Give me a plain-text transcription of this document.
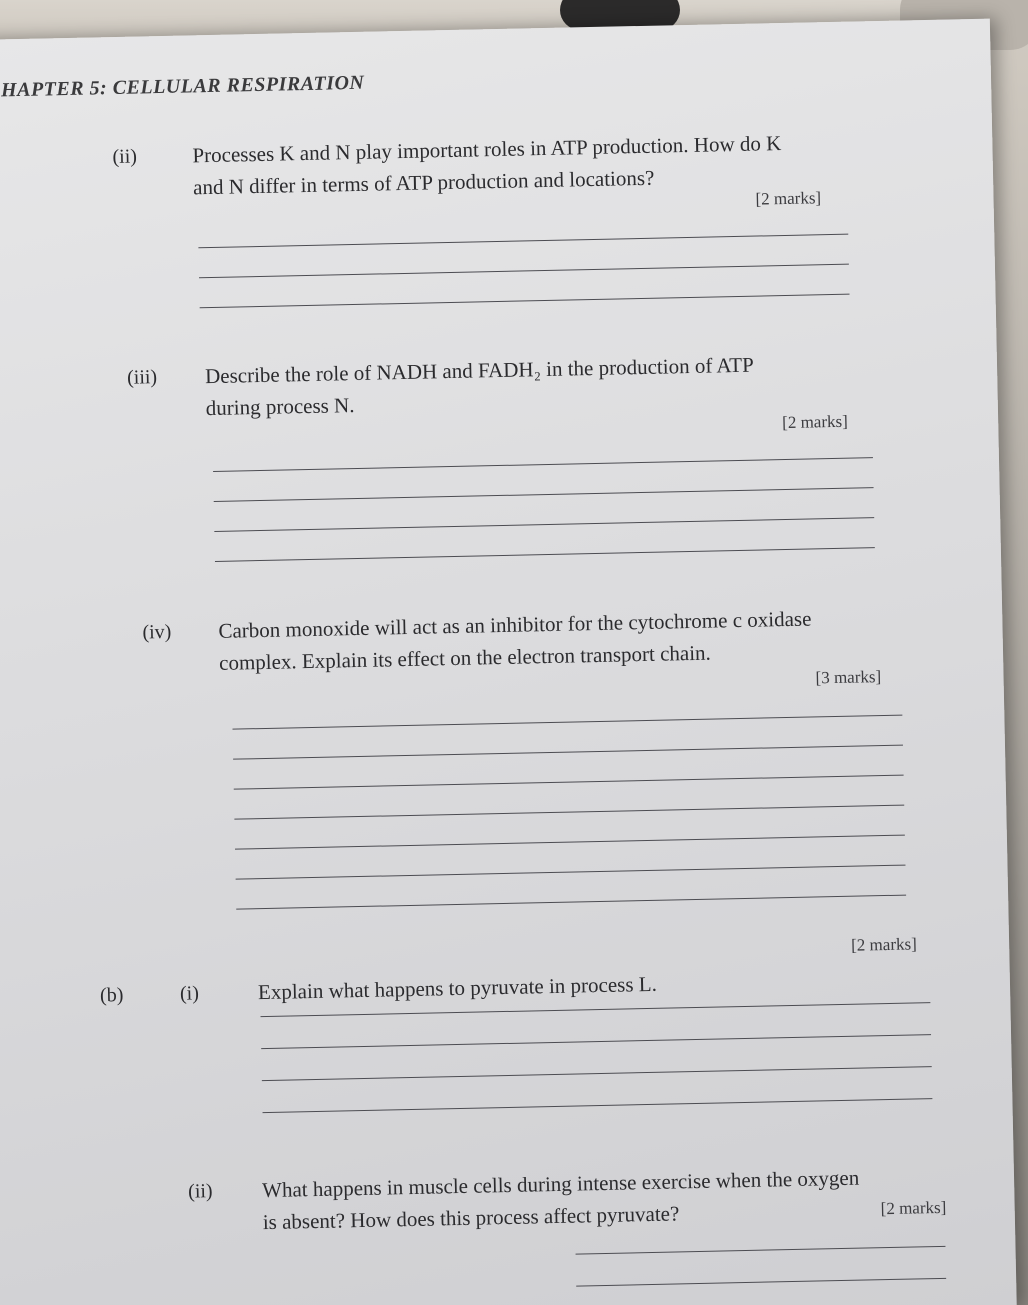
HAPTER 5: CELLULAR RESPIRATION
(ii)	Processes K and N play important roles in ATP production. How do K
and N differ in terms of ATP production and locations?	[2 marks]
(iii) Describe the role of NADH and FADH₂ in the production of ATP
during process N.
[2 marks]
(iv) Carbon monoxide will act as an inhibitor for the cytochrome c oxidase
complex. Explain its effect on the electron transport chain.
[3 marks]
(b)	(i)	Explain what happens to pyruvate in process L.
[2 marks]
(ii) What happens in muscle cells during intense exercise when the oxygen
is absent? How does this process affect pyruvate?	[2 marks]
